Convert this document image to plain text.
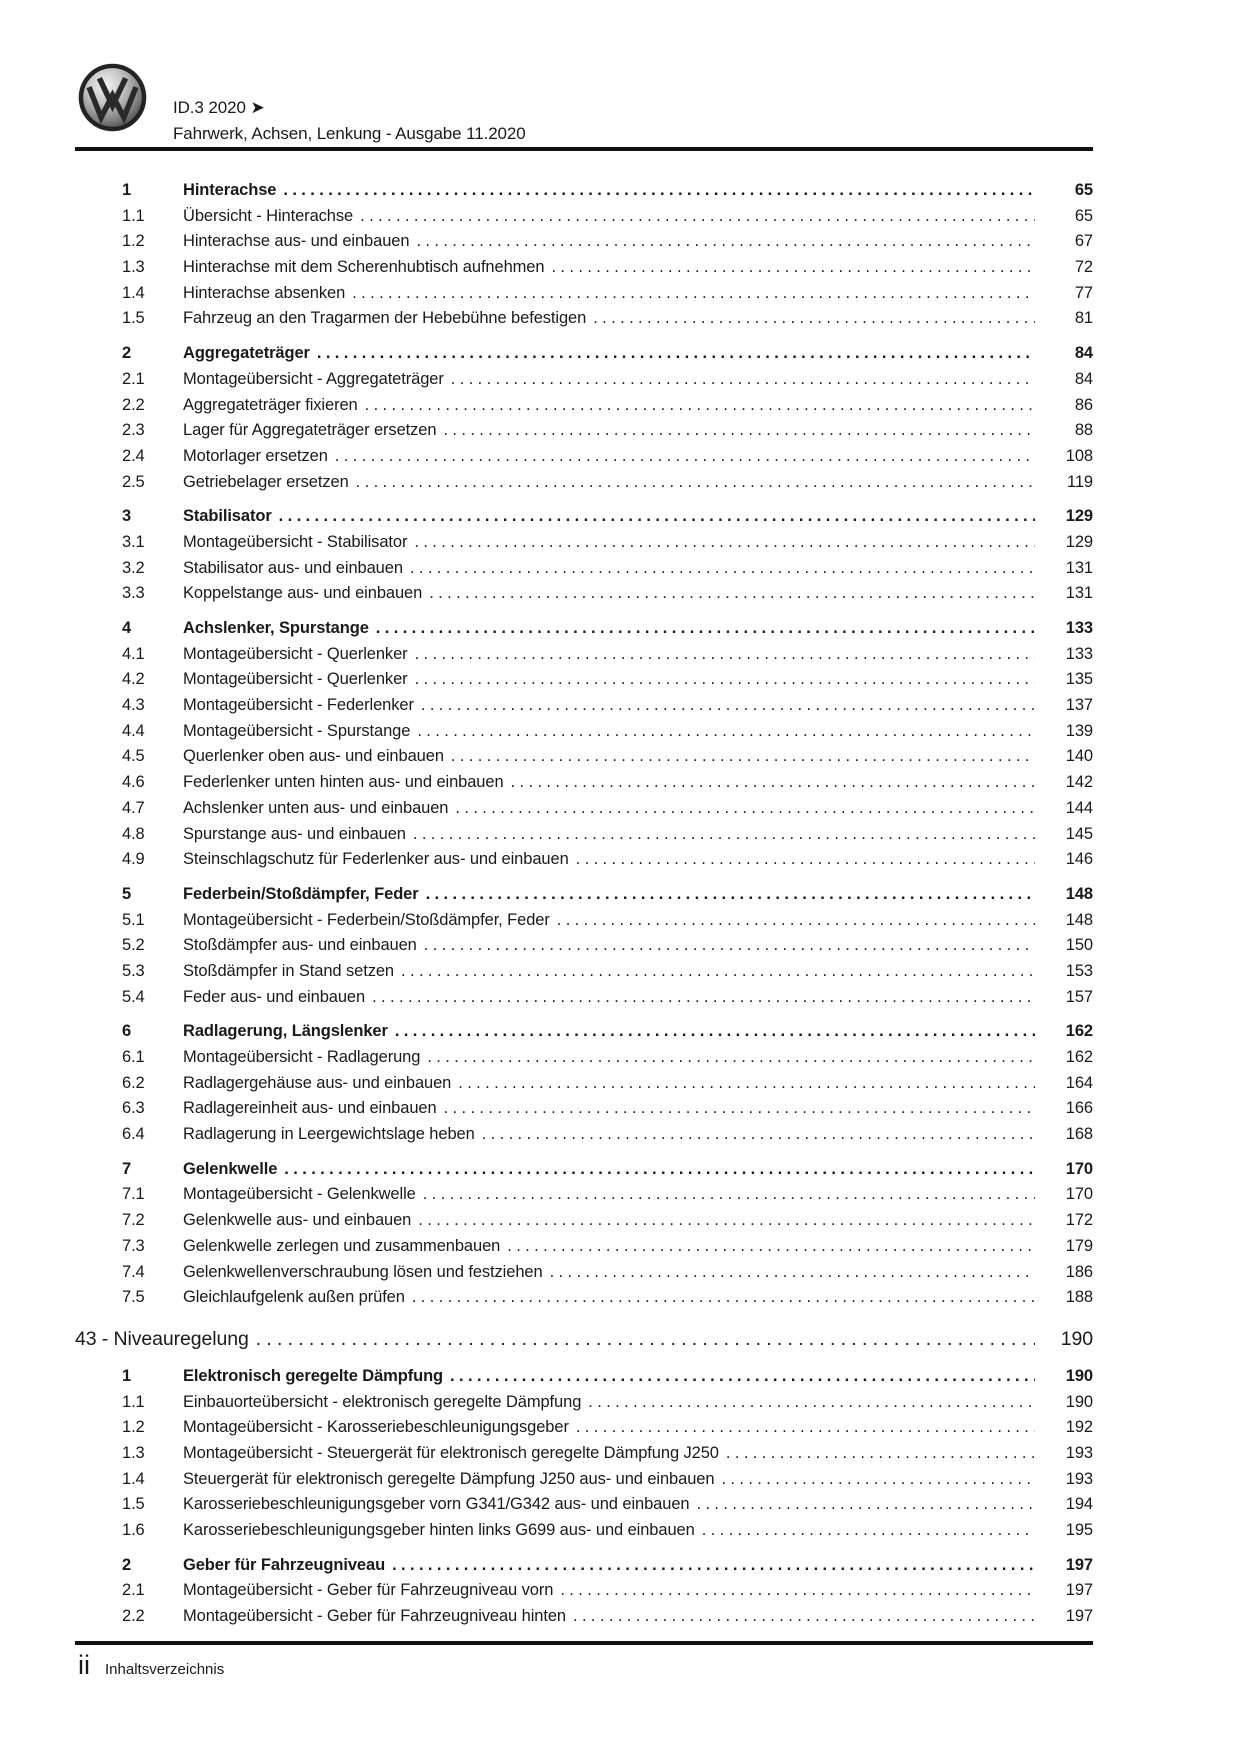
ID.3 2020 ➤
Fahrwerk, Achsen, Lenkung - Ausgabe 11.2020
1	Hinterachse . . .	65
1.1	Übersicht - Hinterachse . . .	65
1.2	Hinterachse aus- und einbauen . . .	67
1.3	Hinterachse mit dem Scherenhubtisch aufnehmen . . .	72
1.4	Hinterachse absenken . . .	77
1.5	Fahrzeug an den Tragarmen der Hebebühne befestigen . . .	81
2	Aggregateträger . . .	84
2.1	Montageübersicht - Aggregateträger . . .	84
2.2	Aggregateträger fixieren . . .	86
2.3	Lager für Aggregateträger ersetzen . . .	88
2.4	Motorlager ersetzen . . .	108
2.5	Getriebelager ersetzen . . .	119
3	Stabilisator . . .	129
3.1	Montageübersicht - Stabilisator . . .	129
3.2	Stabilisator aus- und einbauen . . .	131
3.3	Koppelstange aus- und einbauen . . .	131
4	Achslenker, Spurstange . . .	133
4.1	Montageübersicht - Querlenker . . .	133
4.2	Montageübersicht - Querlenker . . .	135
4.3	Montageübersicht - Federlenker . . .	137
4.4	Montageübersicht - Spurstange . . .	139
4.5	Querlenker oben aus- und einbauen . . .	140
4.6	Federlenker unten hinten aus- und einbauen . . .	142
4.7	Achslenker unten aus- und einbauen . . .	144
4.8	Spurstange aus- und einbauen . . .	145
4.9	Steinschlagschutz für Federlenker aus- und einbauen . . .	146
5	Federbein/Stoßdämpfer, Feder . . .	148
5.1	Montageübersicht - Federbein/Stoßdämpfer, Feder . . .	148
5.2	Stoßdämpfer aus- und einbauen . . .	150
5.3	Stoßdämpfer in Stand setzen . . .	153
5.4	Feder aus- und einbauen . . .	157
6	Radlagerung, Längslenker . . .	162
6.1	Montageübersicht - Radlagerung . . .	162
6.2	Radlagergehäuse aus- und einbauen . . .	164
6.3	Radlagereinheit aus- und einbauen . . .	166
6.4	Radlagerung in Leergewichtslage heben . . .	168
7	Gelenkwelle . . .	170
7.1	Montageübersicht - Gelenkwelle . . .	170
7.2	Gelenkwelle aus- und einbauen . . .	172
7.3	Gelenkwelle zerlegen und zusammenbauen . . .	179
7.4	Gelenkwellenverschraubung lösen und festziehen . . .	186
7.5	Gleichlaufgelenk außen prüfen . . .	188
43 - Niveauregelung . . .	190
1	Elektronisch geregelte Dämpfung . . .	190
1.1	Einbauorteübersicht - elektronisch geregelte Dämpfung . . .	190
1.2	Montageübersicht - Karosseriebeschleunigungsgeber . . .	192
1.3	Montageübersicht - Steuergerät für elektronisch geregelte Dämpfung J250 . . .	193
1.4	Steuergerät für elektronisch geregelte Dämpfung J250 aus- und einbauen . . .	193
1.5	Karosseriebeschleunigungsgeber vorn G341/G342 aus- und einbauen . . .	194
1.6	Karosseriebeschleunigungsgeber hinten links G699 aus- und einbauen . . .	195
2	Geber für Fahrzeugniveau . . .	197
2.1	Montageübersicht - Geber für Fahrzeugniveau vorn . . .	197
2.2	Montageübersicht - Geber für Fahrzeugniveau hinten . . .	197
ii Inhaltsverzeichnis
